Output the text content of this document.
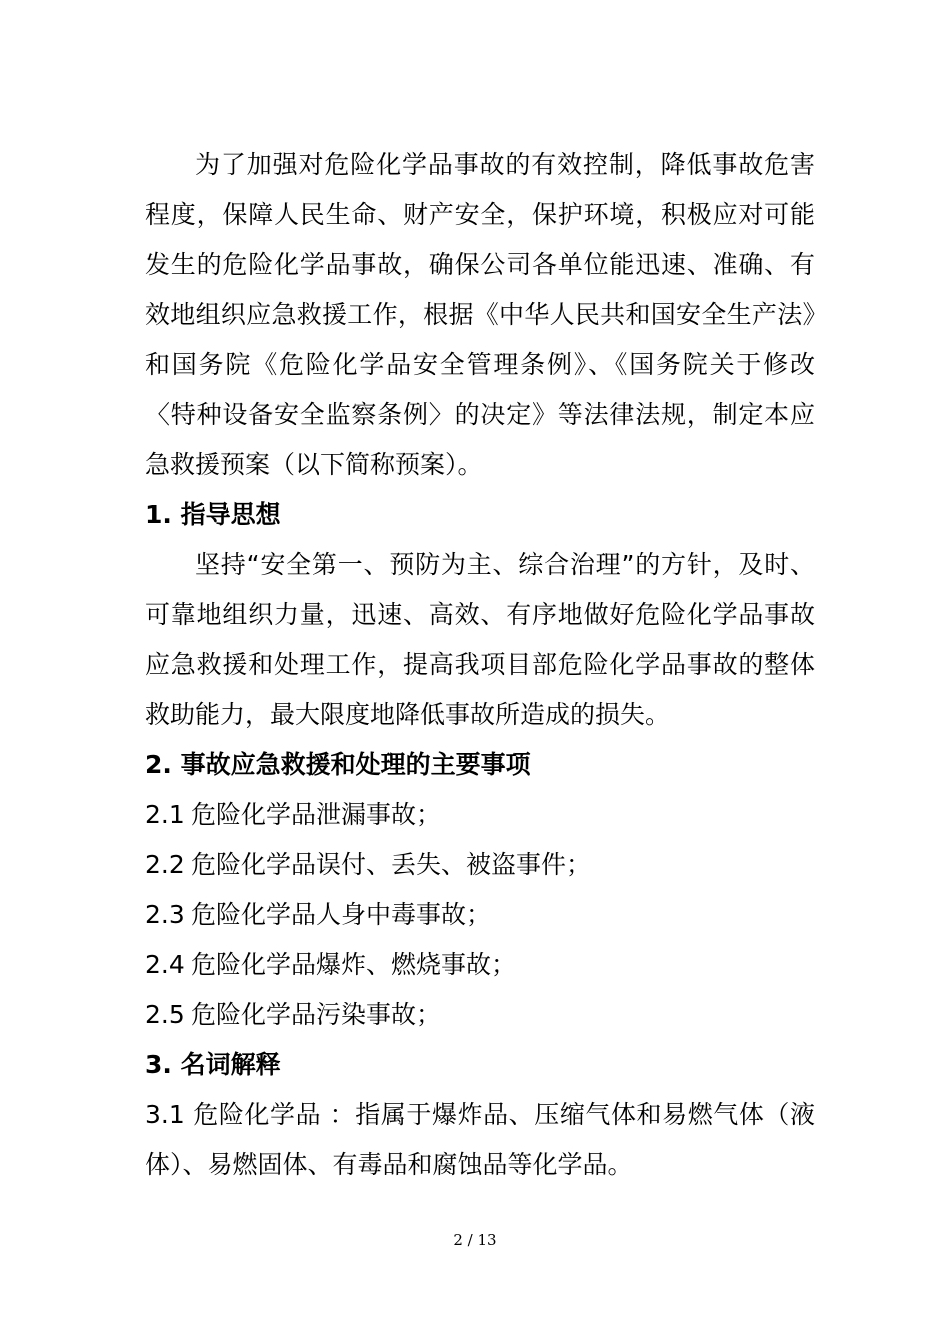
为了加强对危险化学品事故的有效控制，降低事故危害程度，保障人民生命、财产安全，保护环境，积极应对可能发生的危险化学品事故，确保公司各单位能迅速、准确、有效地组织应急救援工作，根据《中华人民共和国安全生产法》和国务院《危险化学品安全管理条例》、《国务院关于修改〈特种设备安全监察条例〉的决定》等法律法规，制定本应急救援预案（以下简称预案）。

1. 指导思想

坚持“安全第一、预防为主、综合治理”的方针，及时、可靠地组织力量，迅速、高效、有序地做好危险化学品事故应急救援和处理工作，提高我项目部危险化学品事故的整体救助能力，最大限度地降低事故所造成的损失。

2. 事故应急救援和处理的主要事项

2.1 危险化学品泄漏事故；

2.2 危险化学品误付、丢失、被盗事件；

2.3 危险化学品人身中毒事故；

2.4 危险化学品爆炸、燃烧事故；

2.5 危险化学品污染事故；

3. 名词解释

3.1 危险化学品 ：指属于爆炸品、压缩气体和易燃气体（液体）、易燃固体、有毒品和腐蚀品等化学品。

2 / 13
